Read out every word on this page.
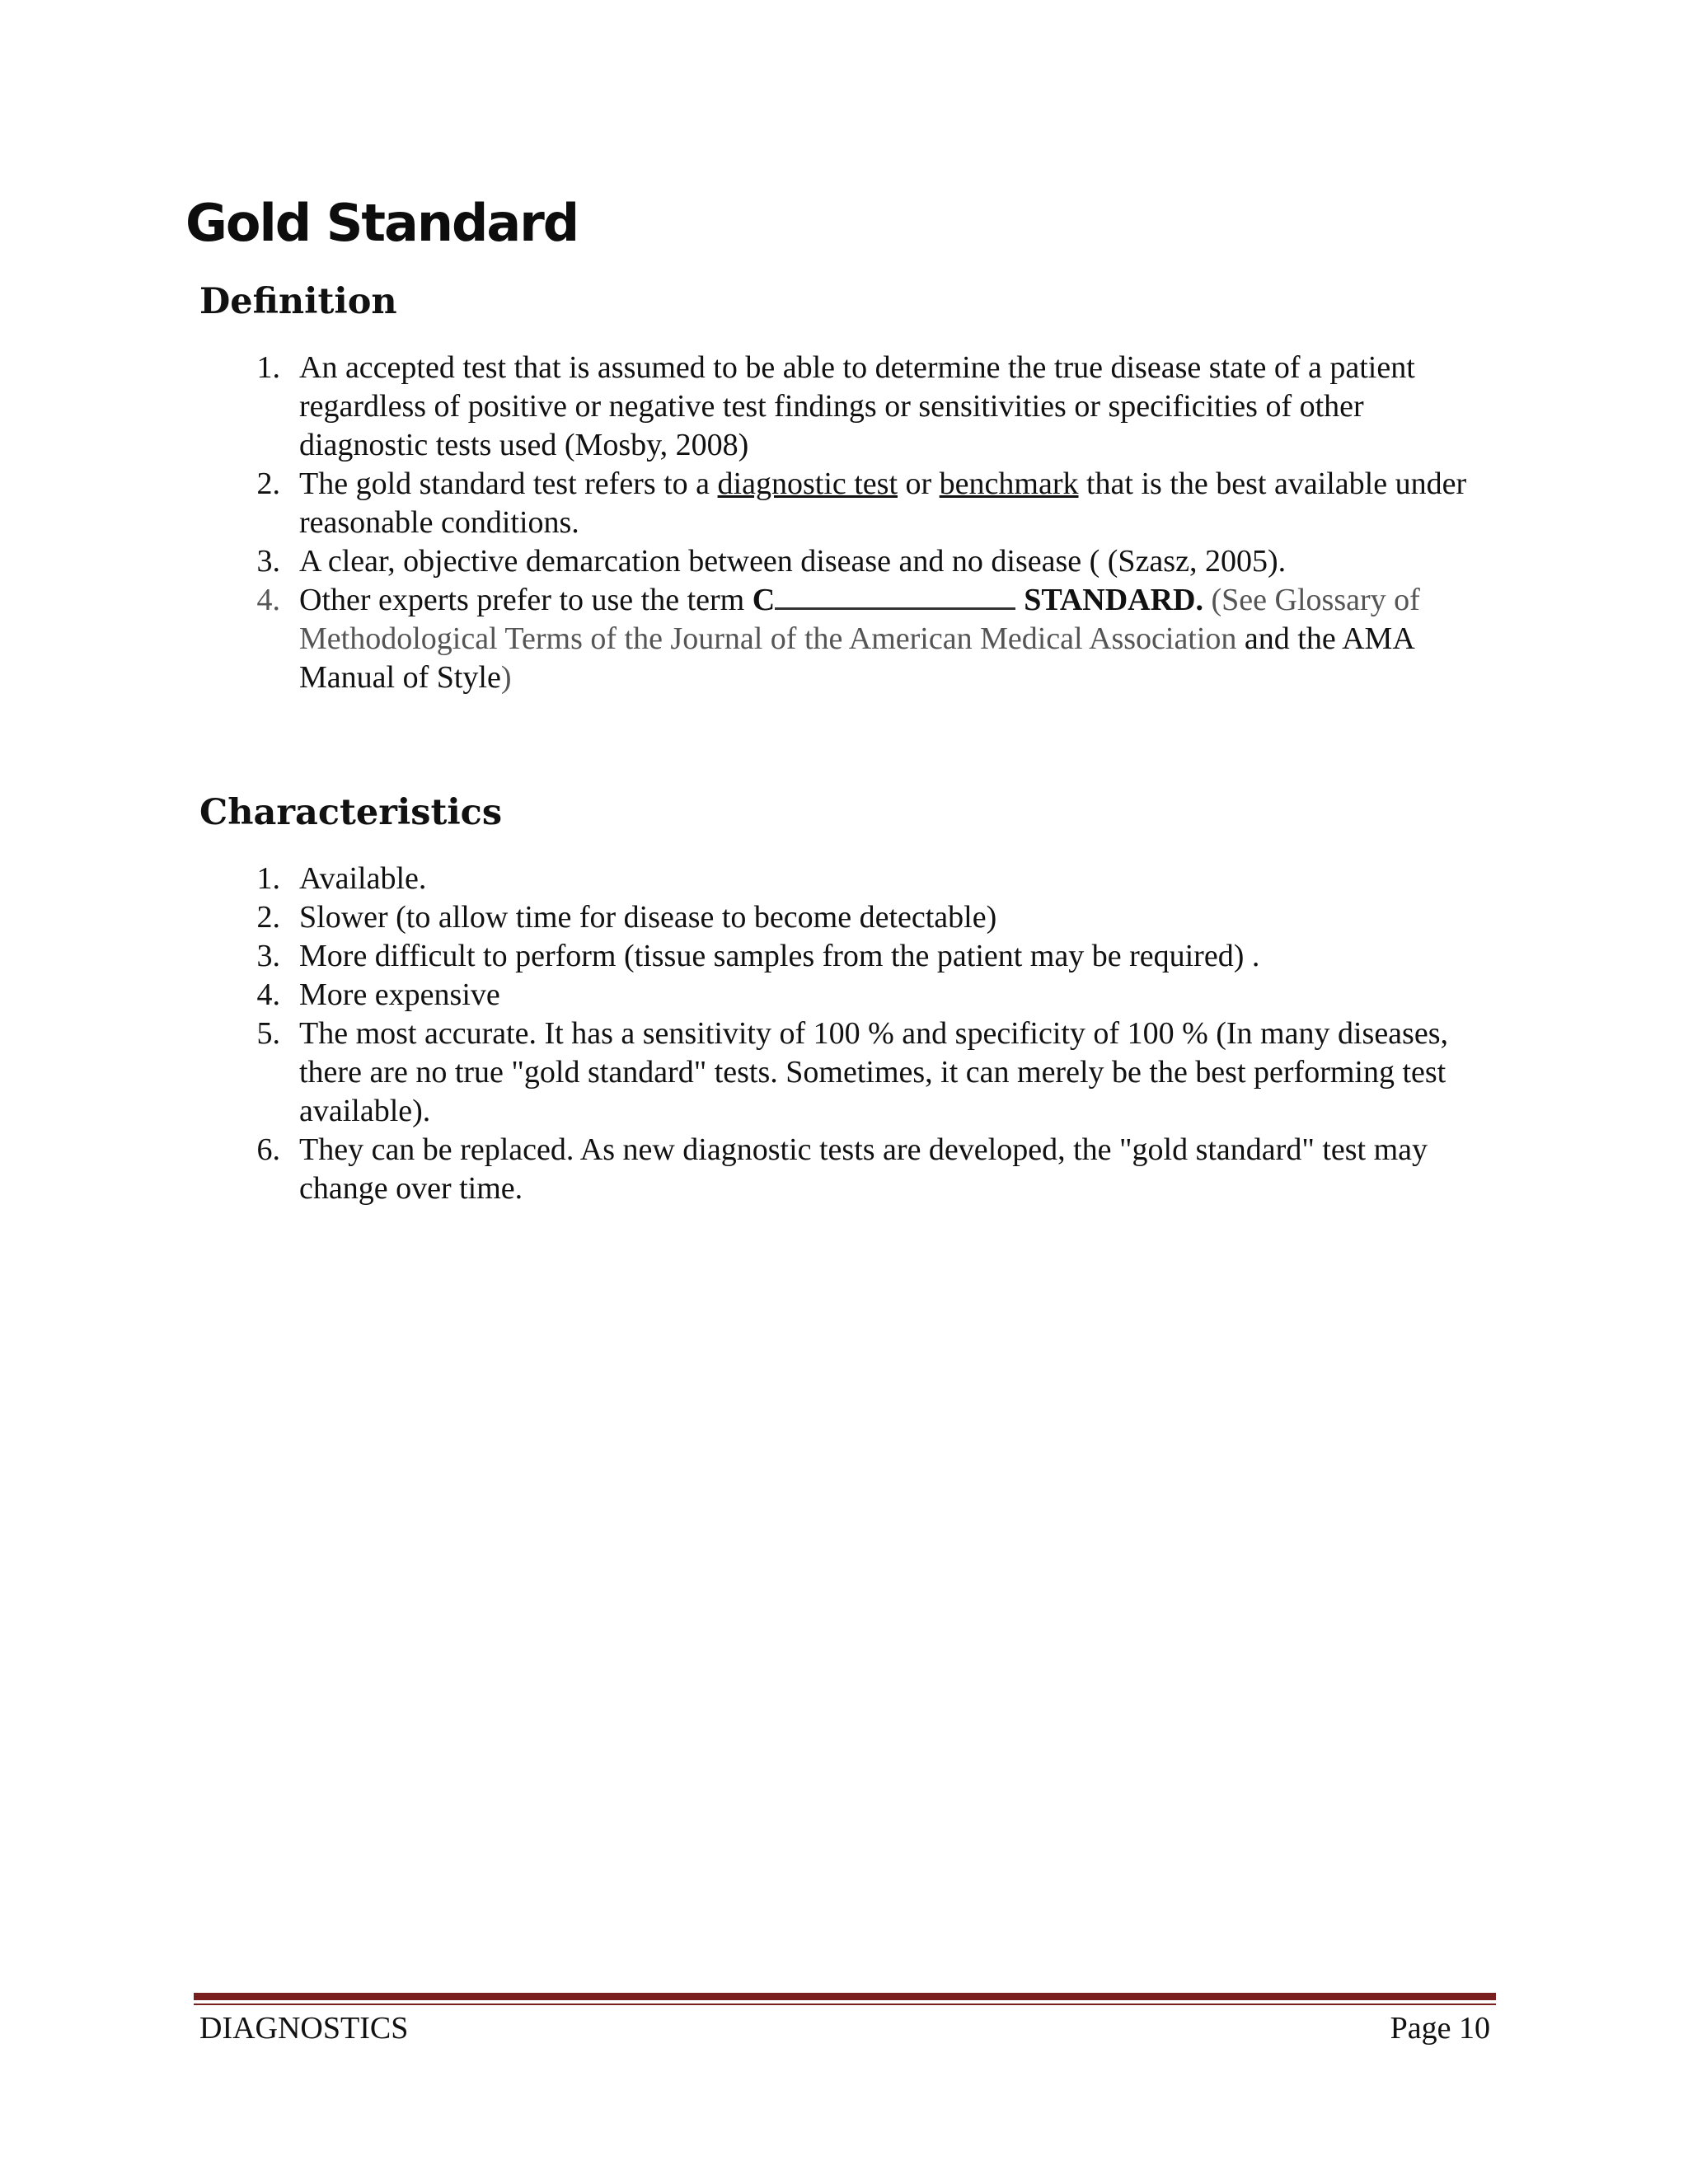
Gold Standard
Definition
1 . An accepted test that is assumed to be able to determine the true disease state of a patient regardless of positive or negative test findings or sensitivities or specificities of other diagnostic tests used (Mosby, 2008)
2 . The gold standard test refers to a diagnostic test or benchmark that is the best available under reasonable conditions.
3 . A clear, objective demarcation between disease and no disease ( (Szasz, 2005).
4 . Other experts prefer to use the term C	STANDARD. (See Glossary of Methodological Terms of the Journal of the American Medical Association and the AMA Manual of Style)
Characteristics
1 . Available.
2 . Slower (to allow time for disease to become detectable)
3 . More difficult to perform (tissue samples from the patient may be required) .
4 . More expensive
5 . The most accurate. It has a sensitivity of 100 % and specificity of 100 % (In many diseases, there are no true "gold standard" tests. Sometimes, it can merely be the best performing test available).
6 . They can be replaced. As new diagnostic tests are developed, the "gold standard" test may change over time.
DIAGNOSTICS	Page 10
